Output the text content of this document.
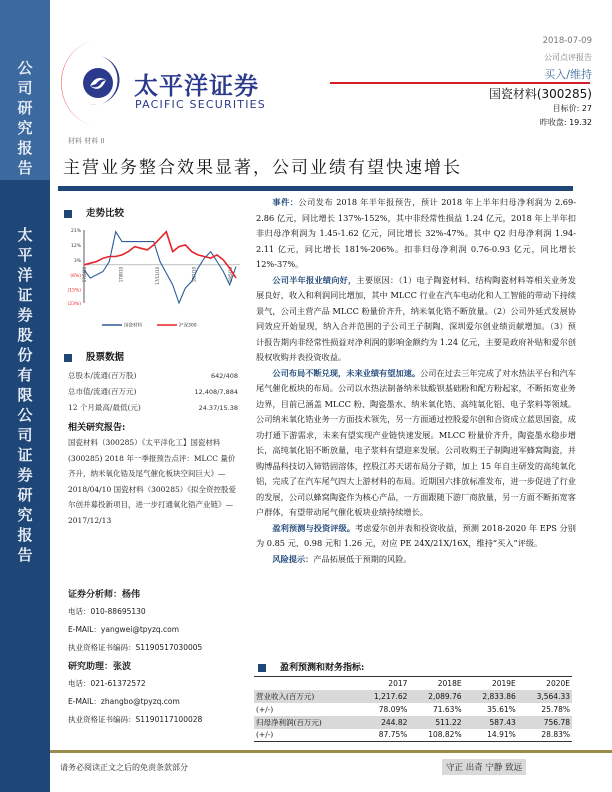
公
司
研
究
报
告
太
平
洋
证
券
股
份
有
限
公
司
证
券
研
究
报
告
太平洋证券
PACIFIC SECURITIES
材料 材料 II
2018-07-09
公司点评报告
买入/维持
国瓷材料(300285)
目标价: 27
昨收盘: 19.32
主营业务整合效果显著，公司业绩有望快速增长
走势比较
21%
12%
3%
(6%)
(15%)
(23%)
17/5/10	17/8/10	17/11/10	18/2/10	18/5/10
国瓷材料	沪深300
股票数据
总股本/流通(百万股)	642/408
总市值/流通(百万元)	12,408/7,884
12 个月最高/最低(元)	24.37/15.38
相关研究报告:
国瓷材料（300285）《太平洋化工】国瓷材料(300285) 2018 年一季报预告点评：MLCC 量价齐升，纳米氧化锆及尾气催化板块空间巨大》—2018/04/10 国瓷材料（300285）《拟全资控股爱尔创并募投新项目，进一步打通氧化锆产业链》—2017/12/13
证券分析师：杨伟
电话：010-88695130
E-MAIL：yangwei@tpyzq.com
执业资格证书编码：S1190517030005
研究助理：张波
电话：021-61372572
E-MAIL：zhangbo@tpyzq.com
执业资格证书编码：S1190117100028

事件：公司发布 2018 年半年报预告，预计 2018 年上半年归母净利润为 2.69-2.86 亿元，同比增长 137%-152%，其中非经常性损益 1.24 亿元，2018 年上半年扣非归母净利润为 1.45-1.62 亿元，同比增长 32%-47%。其中 Q2 归母净利润 1.94-2.11 亿元，同比增长 181%-206%。扣非归母净利润 0.76-0.93 亿元，同比增长 12%-37%。

公司半年报业绩向好，主要原因：（1）电子陶瓷材料、结构陶瓷材料等相关业务发展良好，收入和利润同比增加，其中 MLCC 行业在汽车电动化和人工智能的带动下持续景气，公司主营产品 MLCC 粉量价齐升，纳米氧化锆不断放量。（2）公司外延式发展协同效应开始显现，纳入合并范围的子公司王子制陶、深圳爱尔创业绩贡献增加。（3）预计报告期内非经常性损益对净利润的影响金额约为 1.24 亿元，主要是政府补贴和爱尔创股权收购并表投资收益。

公司布局不断兑现，未来业绩有望加速。公司在过去三年完成了对水热法平台和汽车尾气催化板块的布局。公司以水热法制备纳米钛酸钡基础粉和配方粉起家，不断拓宽业务边界，目前已涵盖 MLCC 粉、陶瓷墨水、纳米氧化锆、高纯氧化铝、电子浆料等领域。公司纳米氧化锆业务一方面技术领先，另一方面通过控股爱尔创和合资成立蓝思国瓷，成功打通下游需求，未来有望实现产业链快速发展。MLCC 粉量价齐升，陶瓷墨水稳步增长，高纯氧化铝不断放量，电子浆料有望迎来发展。公司收购王子制陶进军蜂窝陶瓷，并购博晶科技切入铈锆固溶体，控股江苏天诺布局分子筛，加上 15 年自主研发的高纯氧化铝，完成了在汽车尾气四大上游材料的布局。近期国六排放标准发布，进一步促进了行业的发展，公司以蜂窝陶瓷作为核心产品，一方面跟随下游厂商放量，另一方面不断拓宽客户群体，有望带动尾气催化板块业绩持续增长。

盈利预测与投资评级。考虑爱尔创并表和投资收益，预测 2018-2020 年 EPS 分别为 0.85 元、0.98 元和 1.26 元，对应 PE 24X/21X/16X，维持“买入”评级。

风险提示：产品拓展低于预期的风险。

盈利预测和财务指标:
	2017	2018E	2019E	2020E
营业收入(百万元)	1,217.62	2,089.76	2,833.86	3,564.33
(+/-)	78.09%	71.63%	35.61%	25.78%
归母净利润(百万元)	244.82	511.22	587.43	756.78
(+/-)	87.75%	108.82%	14.91%	28.83%
请务必阅读正文之后的免责条款部分	守正 出奇 宁静 致远
